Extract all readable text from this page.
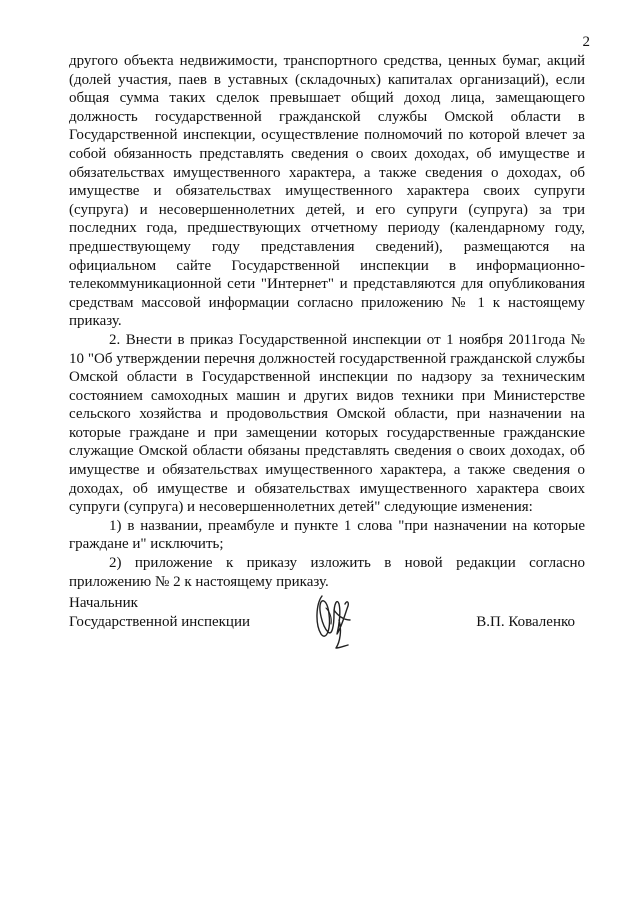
2

другого объекта недвижимости, транспортного средства, ценных бумаг, акций (долей участия, паев в уставных (складочных) капиталах организаций), если общая сумма таких сделок превышает общий доход лица, замещающего должность государственной гражданской службы Омской области в Государственной инспекции, осуществление полномочий по которой влечет за собой обязанность представлять сведения о своих доходах, об имуществе и обязательствах имущественного характера, а также сведения о доходах, об имуществе и обязательствах имущественного характера своих супруги (супруга) и несовершеннолетних детей, и его супруги (супруга) за три последних года, предшествующих отчетному периоду (календарному году, предшествующему году представления сведений), размещаются на официальном сайте Государственной инспекции в информационно-телекоммуникационной сети "Интернет" и представляются для опубликования средствам массовой информации согласно приложению № 1 к настоящему приказу.

2. Внести в приказ Государственной инспекции от 1 ноября 2011года № 10 "Об утверждении перечня должностей государственной гражданской службы Омской области в Государственной инспекции по надзору за техническим состоянием самоходных машин и других видов техники при Министерстве сельского хозяйства и продовольствия Омской области, при назначении на которые граждане и при замещении которых государственные гражданские служащие Омской области обязаны представлять сведения о своих доходах, об имуществе и обязательствах имущественного характера, а также сведения о доходах, об имуществе и обязательствах имущественного характера своих супруги (супруга) и несовершеннолетних детей" следующие изменения:

1) в названии, преамбуле и пункте 1 слова "при назначении на которые граждане и" исключить;

2) приложение к приказу изложить в новой редакции согласно приложению № 2 к настоящему приказу.

Начальник
Государственной инспекции	В.П. Коваленко
